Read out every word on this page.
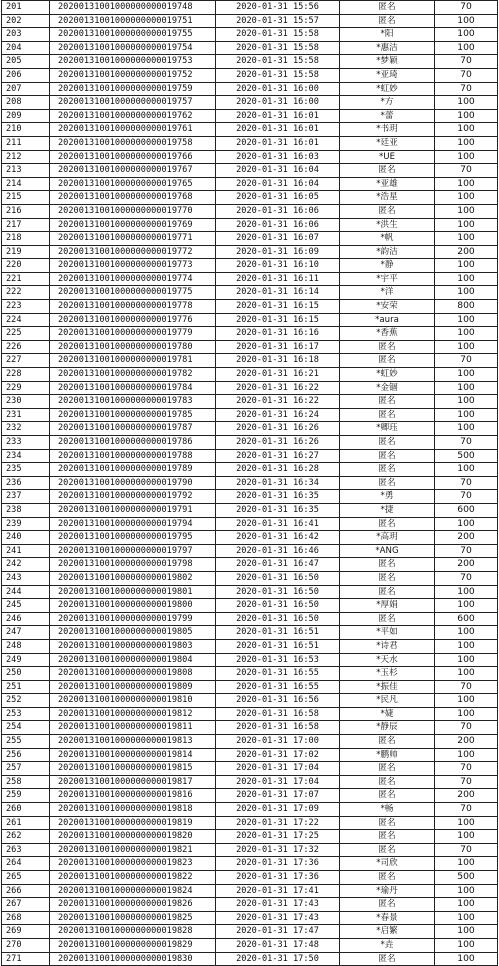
201	20200131001000000000019748	2020-01-31 15:56	匿名	70
202	20200131001000000000019751	2020-01-31 15:57	匿名	100
203	20200131001000000000019755	2020-01-31 15:58	*阳	100
204	20200131001000000000019754	2020-01-31 15:58	*惠洁	100
205	20200131001000000000019753	2020-01-31 15:58	*梦颖	70
206	20200131001000000000019752	2020-01-31 15:58	*亚琦	70
207	20200131001000000000019759	2020-01-31 16:00	*虹妙	70
208	20200131001000000000019757	2020-01-31 16:00	*方	100
209	20200131001000000000019762	2020-01-31 16:01	*蕾	100
210	20200131001000000000019761	2020-01-31 16:01	*书玥	100
211	20200131001000000000019758	2020-01-31 16:01	*廷亚	100
212	20200131001000000000019766	2020-01-31 16:03	*UE	100
213	20200131001000000000019767	2020-01-31 16:04	匿名	70
214	20200131001000000000019765	2020-01-31 16:04	*亚雄	100
215	20200131001000000000019768	2020-01-31 16:05	*浩星	100
216	20200131001000000000019770	2020-01-31 16:06	匿名	100
217	20200131001000000000019769	2020-01-31 16:06	*洪生	100
218	20200131001000000000019771	2020-01-31 16:07	*帆	100
219	20200131001000000000019772	2020-01-31 16:09	*韵洁	200
220	20200131001000000000019773	2020-01-31 16:10	*静	100
221	20200131001000000000019774	2020-01-31 16:11	*宇平	100
222	20200131001000000000019775	2020-01-31 16:14	*洋	100
223	20200131001000000000019778	2020-01-31 16:15	*安荣	800
224	20200131001000000000019776	2020-01-31 16:15	*aura	100
225	20200131001000000000019779	2020-01-31 16:16	*香蕉	100
226	20200131001000000000019780	2020-01-31 16:17	匿名	100
227	20200131001000000000019781	2020-01-31 16:18	匿名	70
228	20200131001000000000019782	2020-01-31 16:21	*虹妙	100
229	20200131001000000000019784	2020-01-31 16:22	*金锢	100
230	20200131001000000000019783	2020-01-31 16:22	匿名	100
231	20200131001000000000019785	2020-01-31 16:24	匿名	100
232	20200131001000000000019787	2020-01-31 16:26	*卿珏	100
233	20200131001000000000019786	2020-01-31 16:26	匿名	70
234	20200131001000000000019788	2020-01-31 16:27	匿名	500
235	20200131001000000000019789	2020-01-31 16:28	匿名	100
236	20200131001000000000019790	2020-01-31 16:34	匿名	70
237	20200131001000000000019792	2020-01-31 16:35	*勇	70
238	20200131001000000000019791	2020-01-31 16:35	*捷	600
239	20200131001000000000019794	2020-01-31 16:41	匿名	100
240	20200131001000000000019795	2020-01-31 16:42	*高玥	200
241	20200131001000000000019797	2020-01-31 16:46	*ANG	70
242	20200131001000000000019798	2020-01-31 16:47	匿名	200
243	20200131001000000000019802	2020-01-31 16:50	匿名	70
244	20200131001000000000019801	2020-01-31 16:50	匿名	100
245	20200131001000000000019800	2020-01-31 16:50	*厚娟	100
246	20200131001000000000019799	2020-01-31 16:50	匿名	600
247	20200131001000000000019805	2020-01-31 16:51	*平如	100
248	20200131001000000000019803	2020-01-31 16:51	*诗君	100
249	20200131001000000000019804	2020-01-31 16:53	*天水	100
250	20200131001000000000019808	2020-01-31 16:55	*玉杉	100
251	20200131001000000000019809	2020-01-31 16:55	*振佳	70
252	20200131001000000000019810	2020-01-31 16:56	*民凡	100
253	20200131001000000000019812	2020-01-31 16:58	*婕	100
254	20200131001000000000019811	2020-01-31 16:58	*静辰	70
255	20200131001000000000019813	2020-01-31 17:00	匿名	200
256	20200131001000000000019814	2020-01-31 17:02	*鹏帅	100
257	20200131001000000000019815	2020-01-31 17:04	匿名	70
258	20200131001000000000019817	2020-01-31 17:04	匿名	70
259	20200131001000000000019816	2020-01-31 17:07	匿名	200
260	20200131001000000000019818	2020-01-31 17:09	*畅	70
261	20200131001000000000019819	2020-01-31 17:22	匿名	100
262	20200131001000000000019820	2020-01-31 17:25	匿名	100
263	20200131001000000000019821	2020-01-31 17:32	匿名	70
264	20200131001000000000019823	2020-01-31 17:36	*司欣	100
265	20200131001000000000019822	2020-01-31 17:36	匿名	500
266	20200131001000000000019824	2020-01-31 17:41	*瑜丹	100
267	20200131001000000000019826	2020-01-31 17:43	匿名	100
268	20200131001000000000019825	2020-01-31 17:43	*春景	100
269	20200131001000000000019828	2020-01-31 17:47	*启繁	100
270	20200131001000000000019829	2020-01-31 17:48	*垚	100
271	20200131001000000000019830	2020-01-31 17:50	匿名	100
